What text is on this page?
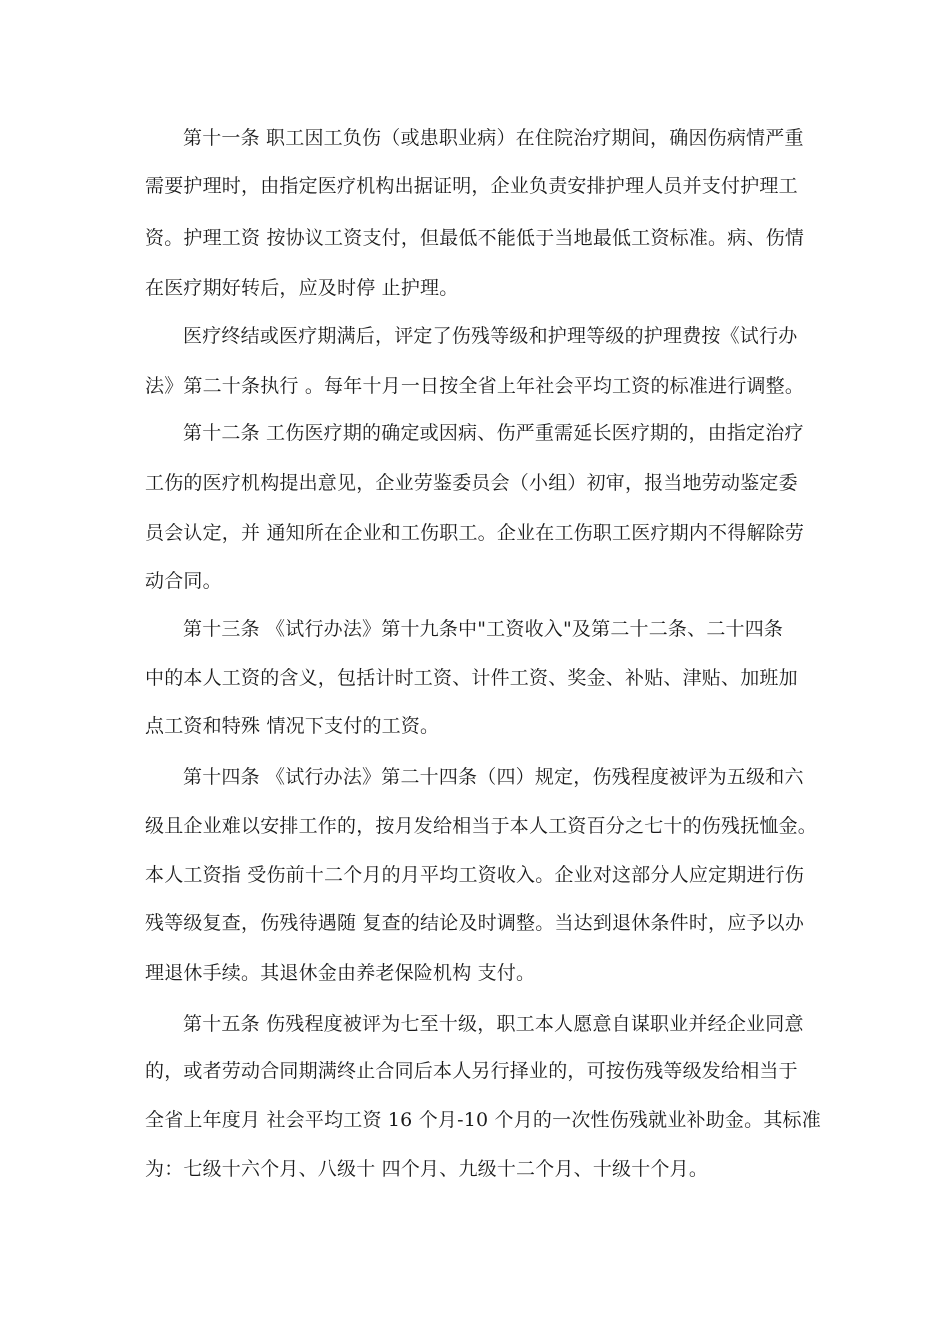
第十一条 职工因工负伤（或患职业病）在住院治疗期间，确因伤病情严重
需要护理时，由指定医疗机构出据证明，企业负责安排护理人员并支付护理工
资。护理工资 按协议工资支付，但最低不能低于当地最低工资标准。病、伤情
在医疗期好转后，应及时停 止护理。
医疗终结或医疗期满后，评定了伤残等级和护理等级的护理费按《试行办
法》第二十条执行 。每年十月一日按全省上年社会平均工资的标准进行调整。
第十二条 工伤医疗期的确定或因病、伤严重需延长医疗期的，由指定治疗
工伤的医疗机构提出意见，企业劳鉴委员会（小组）初审，报当地劳动鉴定委
员会认定，并 通知所在企业和工伤职工。企业在工伤职工医疗期内不得解除劳
动合同。
第十三条 《试行办法》第十九条中"工资收入"及第二十二条、二十四条
中的本人工资的含义，包括计时工资、计件工资、奖金、补贴、津贴、加班加
点工资和特殊 情况下支付的工资。
第十四条 《试行办法》第二十四条（四）规定，伤残程度被评为五级和六
级且企业难以安排工作的，按月发给相当于本人工资百分之七十的伤残抚恤金。
本人工资指 受伤前十二个月的月平均工资收入。企业对这部分人应定期进行伤
残等级复查，伤残待遇随 复查的结论及时调整。当达到退休条件时，应予以办
理退休手续。其退休金由养老保险机构 支付。
第十五条 伤残程度被评为七至十级，职工本人愿意自谋职业并经企业同意
的，或者劳动合同期满终止合同后本人另行择业的，可按伤残等级发给相当于
全省上年度月 社会平均工资 16 个月-10 个月的一次性伤残就业补助金。其标准
为：七级十六个月、八级十 四个月、九级十二个月、十级十个月。
